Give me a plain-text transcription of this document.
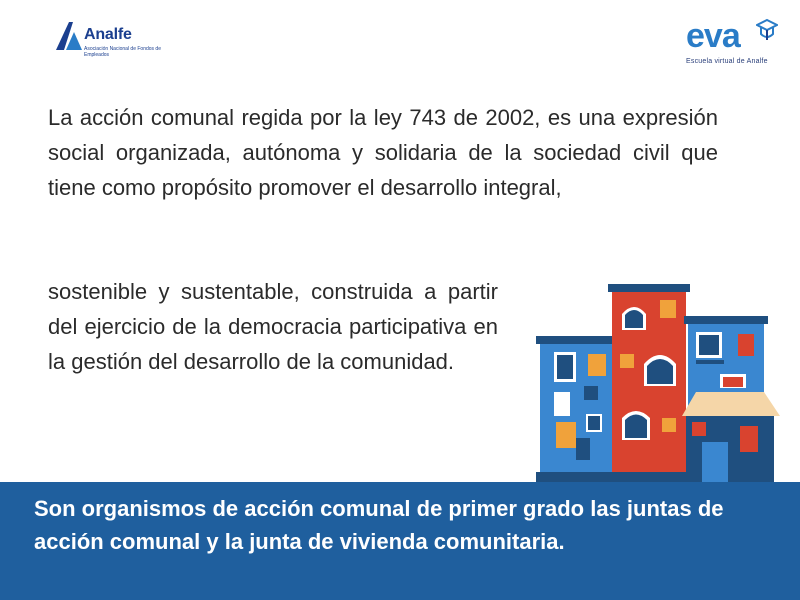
Analfe
Asociación Nacional de Fondos de Empleados	eva
Escuela virtual de Analfe

La acción comunal regida por la ley 743 de 2002, es una expresión social organizada, autónoma y solidaria de la sociedad civil que tiene como propósito promover el desarrollo integral,

sostenible y sustentable, construida a partir del ejercicio de la democracia participativa en la gestión del desarrollo de la comunidad.

Son organismos de acción comunal de primer grado las juntas de acción comunal y la junta de vivienda comunitaria.
